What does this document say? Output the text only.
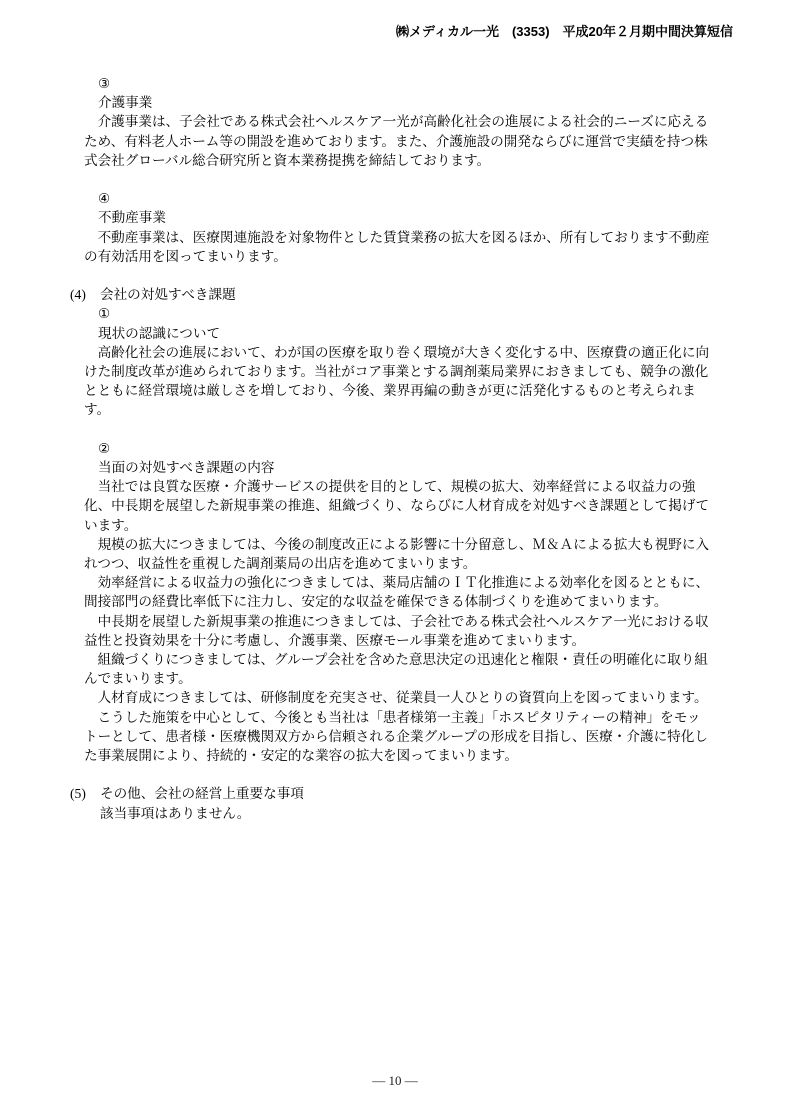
㈱メディカル一光　(3353)　平成20年２月期中間決算短信
③
介護事業
　介護事業は、子会社である株式会社ヘルスケア一光が高齢化社会の進展による社会的ニーズに応える
ため、有料老人ホーム等の開設を進めております。また、介護施設の開発ならびに運営で実績を持つ株
式会社グローバル総合研究所と資本業務提携を締結しております。
④
不動産事業
　不動産事業は、医療関連施設を対象物件とした賃貸業務の拡大を図るほか、所有しております不動産
の有効活用を図ってまいります。
(4) 会社の対処すべき課題
①
現状の認識について
　高齢化社会の進展において、わが国の医療を取り巻く環境が大きく変化する中、医療費の適正化に向
けた制度改革が進められております。当社がコア事業とする調剤薬局業界におきましても、競争の激化
とともに経営環境は厳しさを増しており、今後、業界再編の動きが更に活発化するものと考えられま
す。
②
当面の対処すべき課題の内容
　当社では良質な医療・介護サービスの提供を目的として、規模の拡大、効率経営による収益力の強
化、中長期を展望した新規事業の推進、組織づくり、ならびに人材育成を対処すべき課題として掲げて
います。
　規模の拡大につきましては、今後の制度改正による影響に十分留意し、Ｍ＆Ａによる拡大も視野に入
れつつ、収益性を重視した調剤薬局の出店を進めてまいります。
　効率経営による収益力の強化につきましては、薬局店舗のＩＴ化推進による効率化を図るとともに、
間接部門の経費比率低下に注力し、安定的な収益を確保できる体制づくりを進めてまいります。
　中長期を展望した新規事業の推進につきましては、子会社である株式会社ヘルスケア一光における収
益性と投資効果を十分に考慮し、介護事業、医療モール事業を進めてまいります。
　組織づくりにつきましては、グループ会社を含めた意思決定の迅速化と権限・責任の明確化に取り組
んでまいります。
　人材育成につきましては、研修制度を充実させ、従業員一人ひとりの資質向上を図ってまいります。
　こうした施策を中心として、今後とも当社は「患者様第一主義」「ホスピタリティーの精神」をモッ
トーとして、患者様・医療機関双方から信頼される企業グループの形成を目指し、医療・介護に特化し
た事業展開により、持続的・安定的な業容の拡大を図ってまいります。
(5) その他、会社の経営上重要な事項
該当事項はありません。
― 10 ―
